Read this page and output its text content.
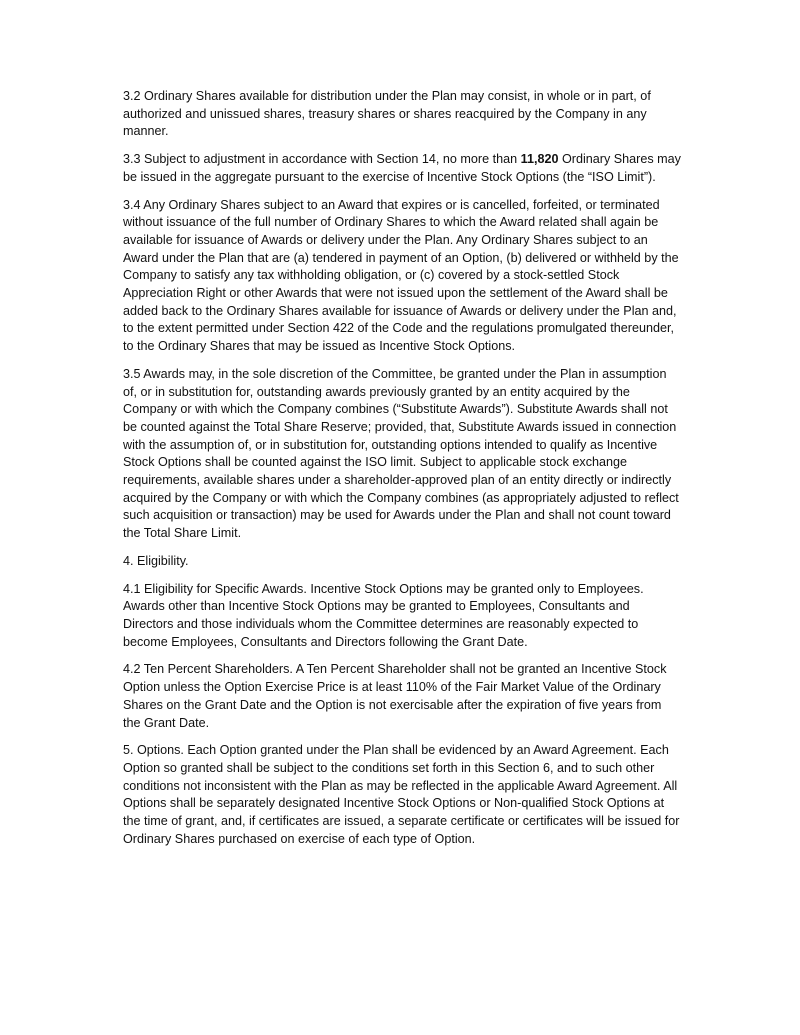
3.2 Ordinary Shares available for distribution under the Plan may consist, in whole or in part, of authorized and unissued shares, treasury shares or shares reacquired by the Company in any manner.

3.3 Subject to adjustment in accordance with Section 14, no more than 11,820 Ordinary Shares may be issued in the aggregate pursuant to the exercise of Incentive Stock Options (the “ISO Limit”).

3.4 Any Ordinary Shares subject to an Award that expires or is cancelled, forfeited, or terminated without issuance of the full number of Ordinary Shares to which the Award related shall again be available for issuance of Awards or delivery under the Plan. Any Ordinary Shares subject to an Award under the Plan that are (a) tendered in payment of an Option, (b) delivered or withheld by the Company to satisfy any tax withholding obligation, or (c) covered by a stock-settled Stock Appreciation Right or other Awards that were not issued upon the settlement of the Award shall be added back to the Ordinary Shares available for issuance of Awards or delivery under the Plan and, to the extent permitted under Section 422 of the Code and the regulations promulgated thereunder, to the Ordinary Shares that may be issued as Incentive Stock Options.

3.5 Awards may, in the sole discretion of the Committee, be granted under the Plan in assumption of, or in substitution for, outstanding awards previously granted by an entity acquired by the Company or with which the Company combines (“Substitute Awards”). Substitute Awards shall not be counted against the Total Share Reserve; provided, that, Substitute Awards issued in connection with the assumption of, or in substitution for, outstanding options intended to qualify as Incentive Stock Options shall be counted against the ISO limit. Subject to applicable stock exchange requirements, available shares under a shareholder-approved plan of an entity directly or indirectly acquired by the Company or with which the Company combines (as appropriately adjusted to reflect such acquisition or transaction) may be used for Awards under the Plan and shall not count toward the Total Share Limit.

4. Eligibility.

4.1 Eligibility for Specific Awards. Incentive Stock Options may be granted only to Employees. Awards other than Incentive Stock Options may be granted to Employees, Consultants and Directors and those individuals whom the Committee determines are reasonably expected to become Employees, Consultants and Directors following the Grant Date.

4.2 Ten Percent Shareholders. A Ten Percent Shareholder shall not be granted an Incentive Stock Option unless the Option Exercise Price is at least 110% of the Fair Market Value of the Ordinary Shares on the Grant Date and the Option is not exercisable after the expiration of five years from the Grant Date.

5. Options. Each Option granted under the Plan shall be evidenced by an Award Agreement. Each Option so granted shall be subject to the conditions set forth in this Section 6, and to such other conditions not inconsistent with the Plan as may be reflected in the applicable Award Agreement. All Options shall be separately designated Incentive Stock Options or Non-qualified Stock Options at the time of grant, and, if certificates are issued, a separate certificate or certificates will be issued for Ordinary Shares purchased on exercise of each type of Option.
